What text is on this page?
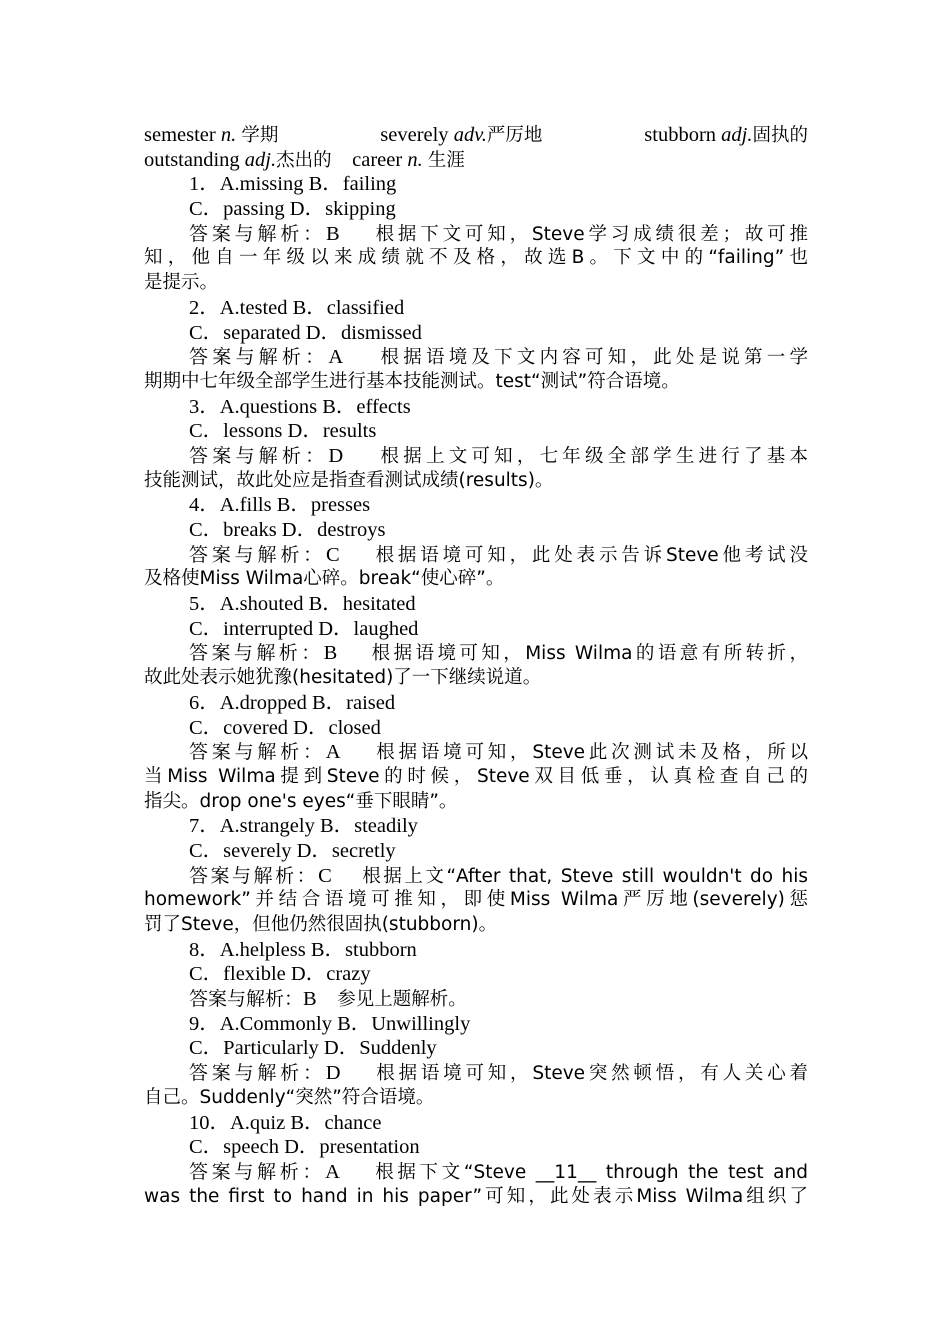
semester n. 学期	severely adv.严厉地	stubborn adj.固执的
outstanding adj.杰出的 career n. 生涯
1．A.missing B．failing
C．passing D．skipping
答案与解析：B 根据下文可知，Steve学习成绩很差；故可推
知，他自一年级以来成绩就不及格，故选B。下文中的“failing”也
是提示。
2．A.tested B．classified
C．separated D．dismissed
答案与解析：A 根据语境及下文内容可知，此处是说第一学
期期中七年级全部学生进行基本技能测试。test“测试”符合语境。
3．A.questions B．effects
C．lessons D．results
答案与解析：D 根据上文可知，七年级全部学生进行了基本
技能测试，故此处应是指查看测试成绩(results)。
4．A.fills B．presses
C．breaks D．destroys
答案与解析：C 根据语境可知，此处表示告诉Steve他考试没
及格使Miss Wilma心碎。break“使心碎”。
5．A.shouted B．hesitated
C．interrupted D．laughed
答案与解析：B 根据语境可知，Miss Wilma的语意有所转折，
故此处表示她犹豫(hesitated)了一下继续说道。
6．A.dropped B．raised
C．covered D．closed
答案与解析：A 根据语境可知，Steve此次测试未及格，所以
当Miss Wilma提到Steve的时候，Steve双目低垂，认真检查自己的
指尖。drop one's eyes“垂下眼睛”。
7．A.strangely B．steadily
C．severely D．secretly
答案与解析：C 根据上文“After that, Steve still wouldn't do his
homework”并结合语境可推知，即使Miss Wilma严厉地(severely)惩
罚了Steve，但他仍然很固执(stubborn)。
8．A.helpless B．stubborn
C．flexible D．crazy
答案与解析：B 参见上题解析。
9．A.Commonly B．Unwillingly
C．Particularly D．Suddenly
答案与解析：D 根据语境可知，Steve突然顿悟，有人关心着
自己。Suddenly“突然”符合语境。
10．A.quiz B．chance
C．speech D．presentation
答案与解析：A 根据下文“Steve __11__ through the test and
was the first to hand in his paper”可知，此处表示Miss Wilma组织了
